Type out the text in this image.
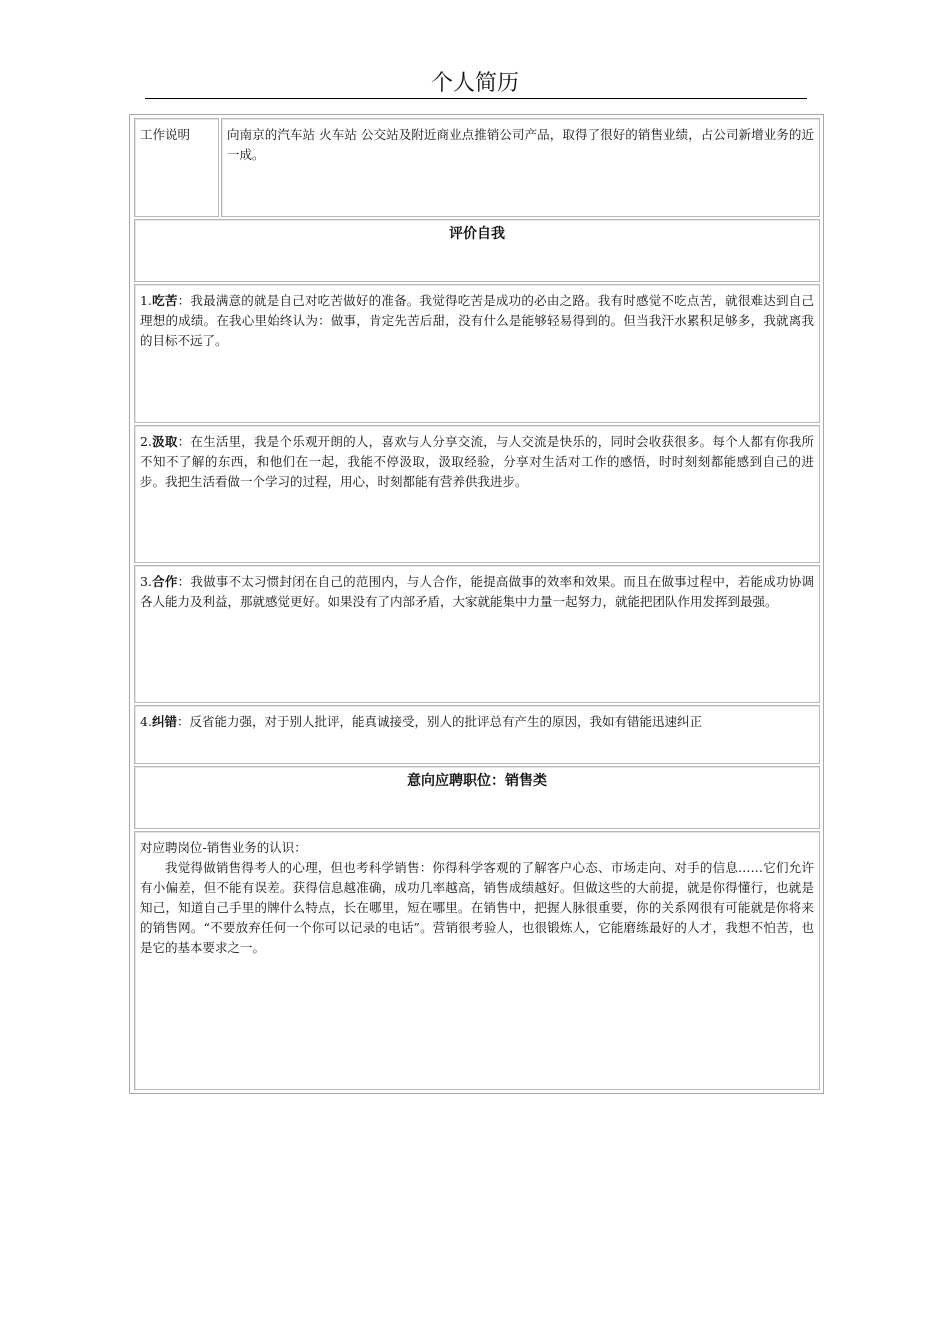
个人简历
工作说明	向南京的汽车站 火车站 公交站及附近商业点推销公司产品，取得了很好的销售业绩，占公司新增业务的近一成。
评价自我
1.吃苦：我最满意的就是自己对吃苦做好的准备。我觉得吃苦是成功的必由之路。我有时感觉不吃点苦，就很难达到自己理想的成绩。在我心里始终认为：做事，肯定先苦后甜，没有什么是能够轻易得到的。但当我汗水累积足够多，我就离我的目标不远了。
2.汲取：在生活里，我是个乐观开朗的人，喜欢与人分享交流，与人交流是快乐的，同时会收获很多。每个人都有你我所不知不了解的东西，和他们在一起，我能不停汲取，汲取经验，分享对生活对工作的感悟，时时刻刻都能感到自己的进步。我把生活看做一个学习的过程，用心，时刻都能有营养供我进步。
3.合作：我做事不太习惯封闭在自己的范围内，与人合作，能提高做事的效率和效果。而且在做事过程中，若能成功协调各人能力及利益，那就感觉更好。如果没有了内部矛盾，大家就能集中力量一起努力，就能把团队作用发挥到最强。
4.纠错：反省能力强，对于别人批评，能真诚接受，别人的批评总有产生的原因，我如有错能迅速纠正
意向应聘职位：销售类
对应聘岗位-销售业务的认识：
我觉得做销售得考人的心理，但也考科学销售：你得科学客观的了解客户心态、市场走向、对手的信息……它们允许有小偏差，但不能有误差。获得信息越准确，成功几率越高，销售成绩越好。但做这些的大前提，就是你得懂行，也就是知己，知道自己手里的牌什么特点，长在哪里，短在哪里。在销售中，把握人脉很重要，你的关系网很有可能就是你将来的销售网。“不要放弃任何一个你可以记录的电话”。营销很考验人，也很锻炼人，它能磨练最好的人才，我想不怕苦，也是它的基本要求之一。
